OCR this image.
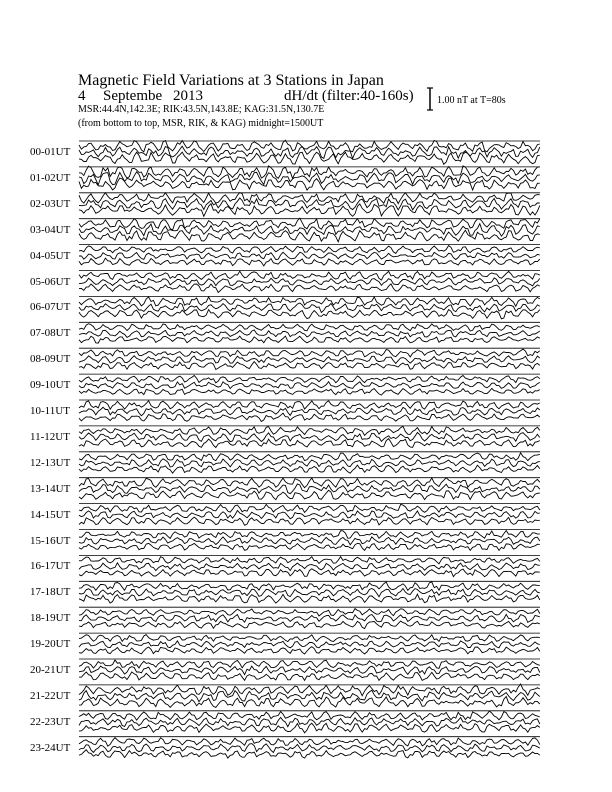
Magnetic Field Variations at 3 Stations in Japan
4 Septembe 2013	dH/dt (filter:40-160s)
MSR:44.4N,142.3E; RIK:43.5N,143.8E; KAG:31.5N,130.7E
(from bottom to top, MSR, RIK, & KAG) midnight=1500UT
1.00 nT at T=80s
00-01UT
01-02UT
02-03UT
03-04UT
04-05UT
05-06UT
06-07UT
07-08UT
08-09UT
09-10UT
10-11UT
11-12UT
12-13UT
13-14UT
14-15UT
15-16UT
16-17UT
17-18UT
18-19UT
19-20UT
20-21UT
21-22UT
22-23UT
23-24UT
